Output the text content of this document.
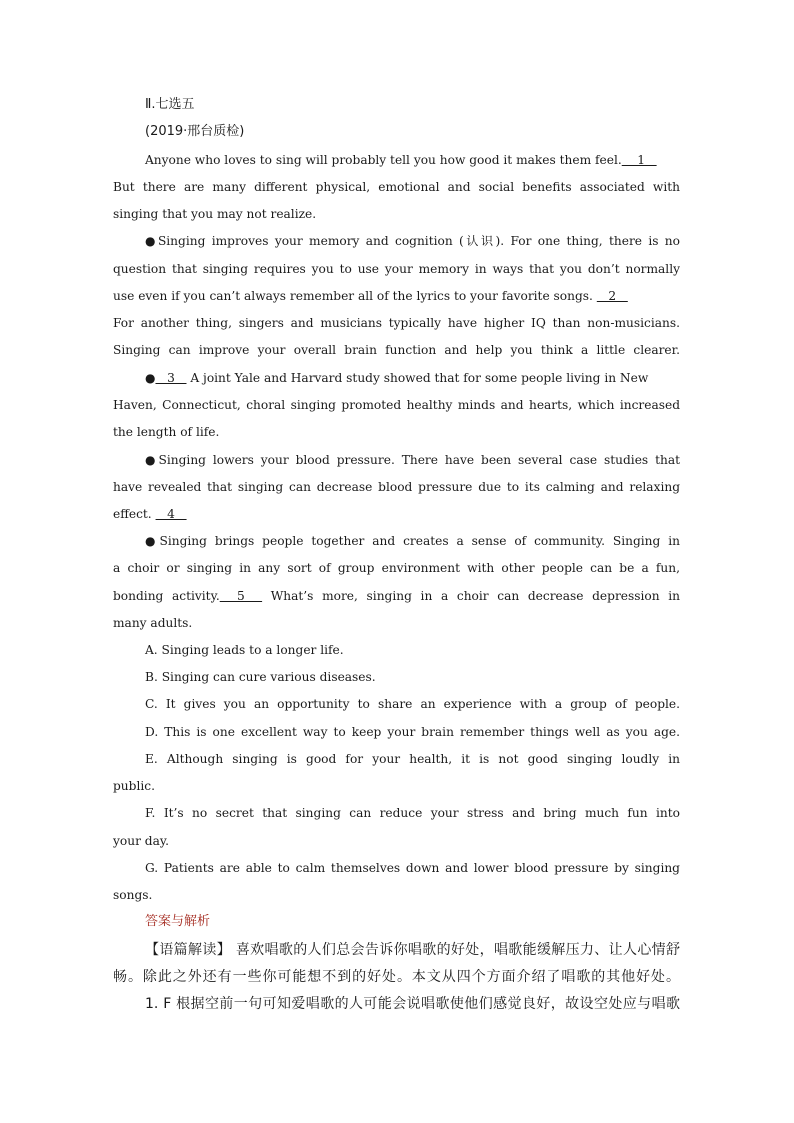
Ⅱ.七选五
(2019·邢台质检)
Anyone who loves to sing will probably tell you how good it makes them feel.    1
But there are many different physical, emotional and social benefits associated with
singing that you may not realize.
●Singing improves your memory and cognition (认识). For one thing, there is no
question that singing requires you to use your memory in ways that you don’t normally
use even if you can’t always remember all of the lyrics to your favorite songs.    2
For another thing, singers and musicians typically have higher IQ than non-musicians.
Singing can improve your overall brain function and help you think a little clearer.
●   3    A joint Yale and Harvard study showed that for some people living in New
Haven, Connecticut, choral singing promoted healthy minds and hearts, which increased
the length of life.
●Singing lowers your blood pressure. There have been several case studies that
have revealed that singing can decrease blood pressure due to its calming and relaxing
effect.    4
●Singing brings people together and creates a sense of community. Singing in
a choir or singing in any sort of group environment with other people can be a fun,
bonding activity.  5   What’s more, singing in a choir can decrease depression in
many adults.
A. Singing leads to a longer life.
B. Singing can cure various diseases.
C. It gives you an opportunity to share an experience with a group of people.
D. This is one excellent way to keep your brain remember things well as you age.
E. Although singing is good for your health, it is not good singing loudly in
public.
F. It’s no secret that singing can reduce your stress and bring much fun into
your day.
G. Patients are able to calm themselves down and lower blood pressure by singing
songs.
答案与解析
【语篇解读】 喜欢唱歌的人们总会告诉你唱歌的好处，唱歌能缓解压力、让人心情舒
畅。除此之外还有一些你可能想不到的好处。本文从四个方面介绍了唱歌的其他好处。
1. F 根据空前一句可知爱唱歌的人可能会说唱歌使他们感觉良好，故设空处应与唱歌
